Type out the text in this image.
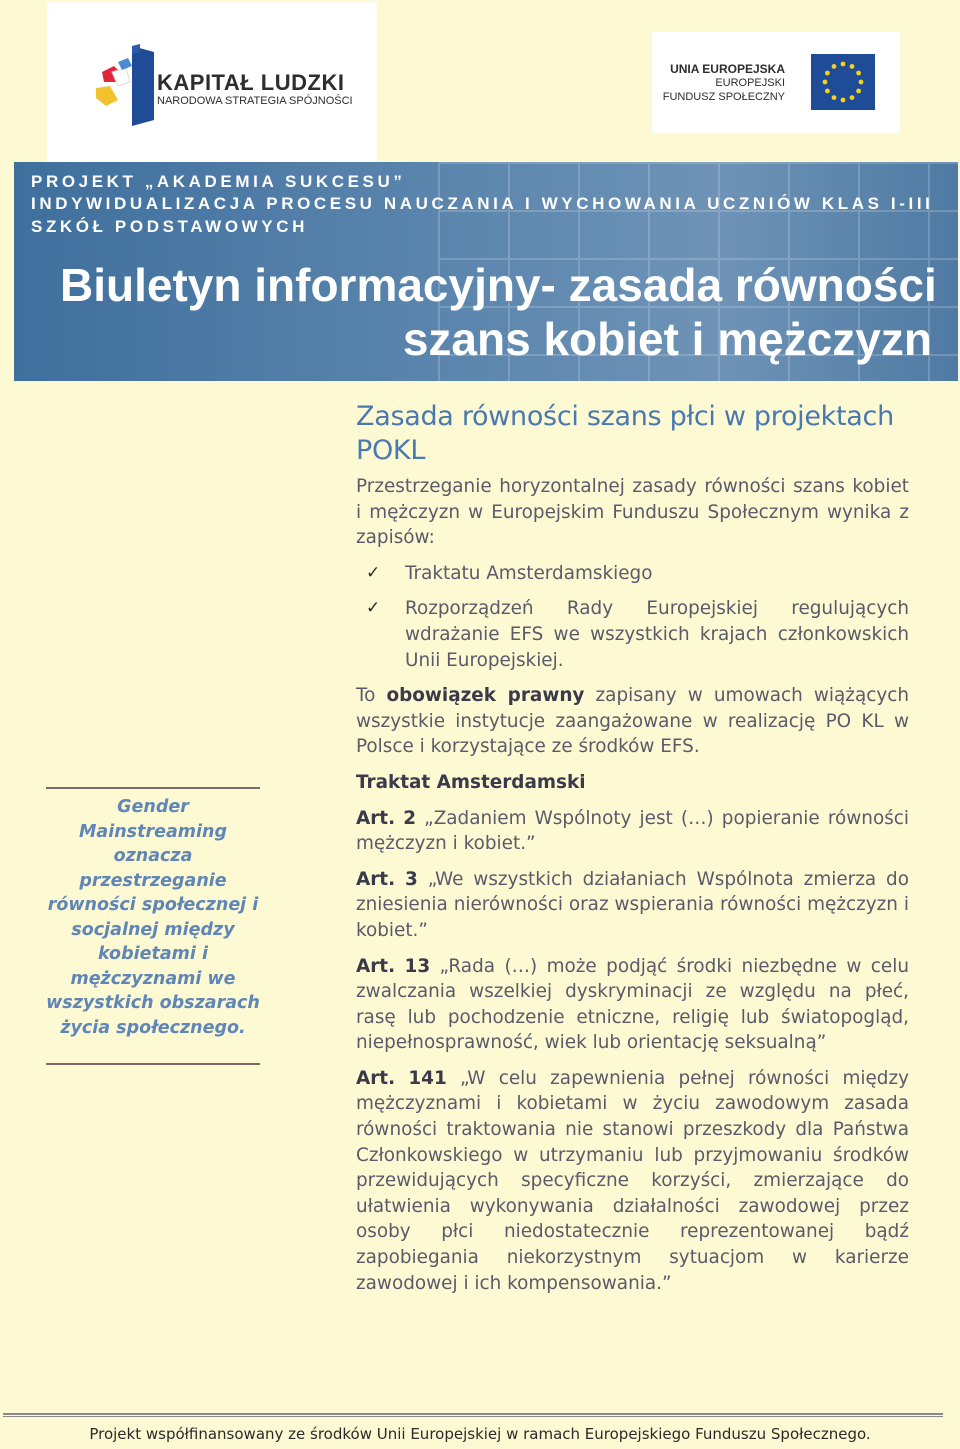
KAPITAŁ LUDZKI
NARODOWA STRATEGIA SPÓJNOŚCI
UNIA EUROPEJSKA
EUROPEJSKI
FUNDUSZ SPOŁECZNY
PROJEKT „AKADEMIA SUKCESU”
INDYWIDUALIZACJA PROCESU NAUCZANIA I WYCHOWANIA UCZNIÓW KLAS I-III
SZKÓŁ PODSTAWOWYCH
Biuletyn informacyjny- zasada równości
szans kobiet i mężczyzn
Gender Mainstreaming oznacza przestrzeganie równości społecznej i socjalnej między kobietami i mężczyznami we wszystkich obszarach życia społecznego.
Zasada równości szans płci w projektach POKL

Przestrzeganie horyzontalnej zasady równości szans kobiet i mężczyzn w Europejskim Funduszu Społecznym wynika z zapisów:

✓ Traktatu Amsterdamskiego
✓ Rozporządzeń Rady Europejskiej regulujących wdrażanie EFS we wszystkich krajach członkowskich Unii Europejskiej.

To obowiązek prawny zapisany w umowach wiążących wszystkie instytucje zaangażowane w realizację PO KL w Polsce i korzystające ze środków EFS.

Traktat Amsterdamski

Art. 2 „Zadaniem Wspólnoty jest (…) popieranie równości mężczyzn i kobiet.”

Art. 3 „We wszystkich działaniach Wspólnota zmierza do zniesienia nierówności oraz wspierania równości mężczyzn i kobiet.”

Art. 13 „Rada (…) może podjąć środki niezbędne w celu zwalczania wszelkiej dyskryminacji ze względu na płeć, rasę lub pochodzenie etniczne, religię lub światopogląd, niepełnosprawność, wiek lub orientację seksualną”

Art. 141 „W celu zapewnienia pełnej równości między mężczyznami i kobietami w życiu zawodowym zasada równości traktowania nie stanowi przeszkody dla Państwa Członkowskiego w utrzymaniu lub przyjmowaniu środków przewidujących specyficzne korzyści, zmierzające do ułatwienia wykonywania działalności zawodowej przez osoby płci niedostatecznie reprezentowanej bądź zapobiegania niekorzystnym sytuacjom w karierze zawodowej i ich kompensowania.”

Projekt współfinansowany ze środków Unii Europejskiej w ramach Europejskiego Funduszu Społecznego.
